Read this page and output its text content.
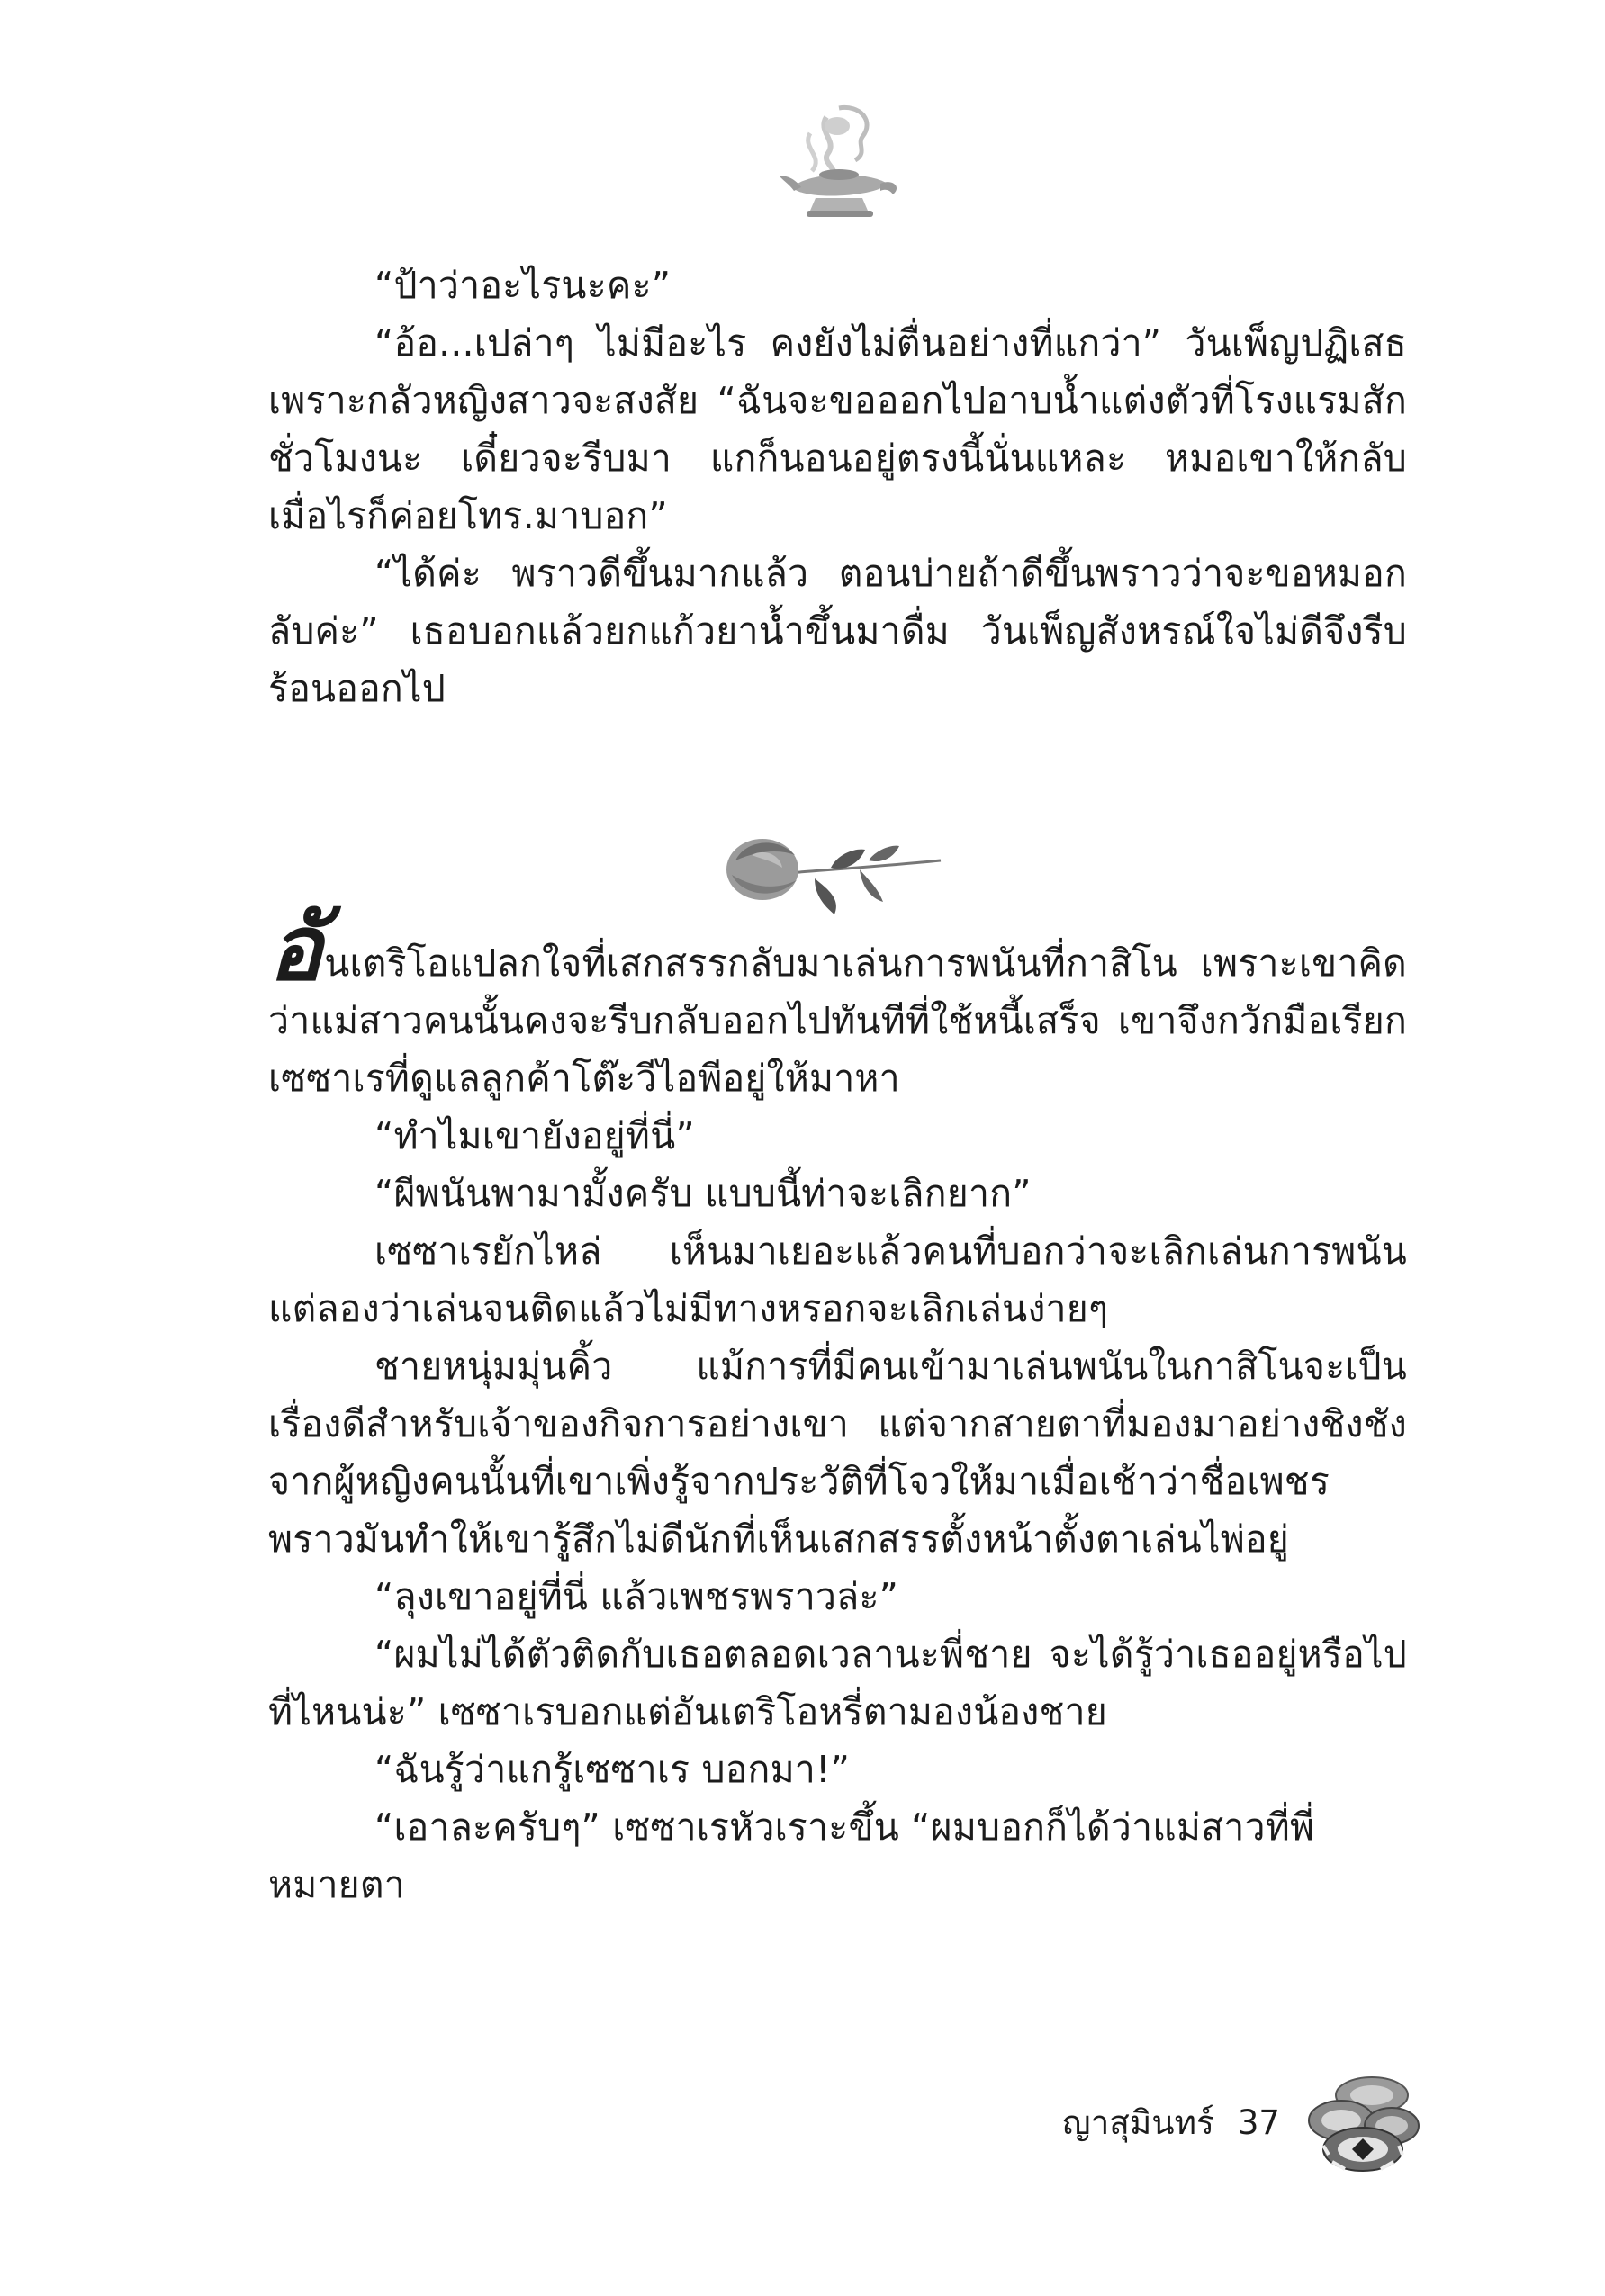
“ป้าว่าอะไรนะคะ”

“อ้อ...เปล่าๆ ไม่มีอะไร คงยังไม่ตื่นอย่างที่แกว่า” วันเพ็ญปฏิเสธเพราะกลัวหญิงสาวจะสงสัย “ฉันจะขอออกไปอาบน้ำแต่งตัวที่โรงแรมสักชั่วโมงนะ เดี๋ยวจะรีบมา แกก็นอนอยู่ตรงนี้นั่นแหละ หมอเขาให้กลับเมื่อไรก็ค่อยโทร.มาบอก”

“ได้ค่ะ พราวดีขึ้นมากแล้ว ตอนบ่ายถ้าดีขึ้นพราวว่าจะขอหมอกลับค่ะ” เธอบอกแล้วยกแก้วยาน้ำขึ้นมาดื่ม วันเพ็ญสังหรณ์ใจไม่ดีจึงรีบร้อนออกไป

อันเตริโอแปลกใจที่เสกสรรกลับมาเล่นการพนันที่กาสิโน เพราะเขาคิดว่าแม่สาวคนนั้นคงจะรีบกลับออกไปทันทีที่ใช้หนี้เสร็จ เขาจึงกวักมือเรียกเซซาเรที่ดูแลลูกค้าโต๊ะวีไอพีอยู่ให้มาหา

“ทำไมเขายังอยู่ที่นี่”

“ผีพนันพามามั้งครับ แบบนี้ท่าจะเลิกยาก”

เซซาเรยักไหล่ เห็นมาเยอะแล้วคนที่บอกว่าจะเลิกเล่นการพนัน แต่ลองว่าเล่นจนติดแล้วไม่มีทางหรอกจะเลิกเล่นง่ายๆ

ชายหนุ่มมุ่นคิ้ว แม้การที่มีคนเข้ามาเล่นพนันในกาสิโนจะเป็นเรื่องดีสำหรับเจ้าของกิจการอย่างเขา แต่จากสายตาที่มองมาอย่างชิงชังจากผู้หญิงคนนั้นที่เขาเพิ่งรู้จากประวัติที่โจวให้มาเมื่อเช้าว่าชื่อเพชรพราวมันทำให้เขารู้สึกไม่ดีนักที่เห็นเสกสรรตั้งหน้าตั้งตาเล่นไพ่อยู่

“ลุงเขาอยู่ที่นี่ แล้วเพชรพราวล่ะ”

“ผมไม่ได้ตัวติดกับเธอตลอดเวลานะพี่ชาย จะได้รู้ว่าเธออยู่หรือไปที่ไหนน่ะ” เซซาเรบอกแต่อันเตริโอหรี่ตามองน้องชาย

“ฉันรู้ว่าแกรู้เซซาเร บอกมา!”

“เอาละครับๆ” เซซาเรหัวเราะขึ้น “ผมบอกก็ได้ว่าแม่สาวที่พี่หมายตา

ญาสุมินทร์ 37
